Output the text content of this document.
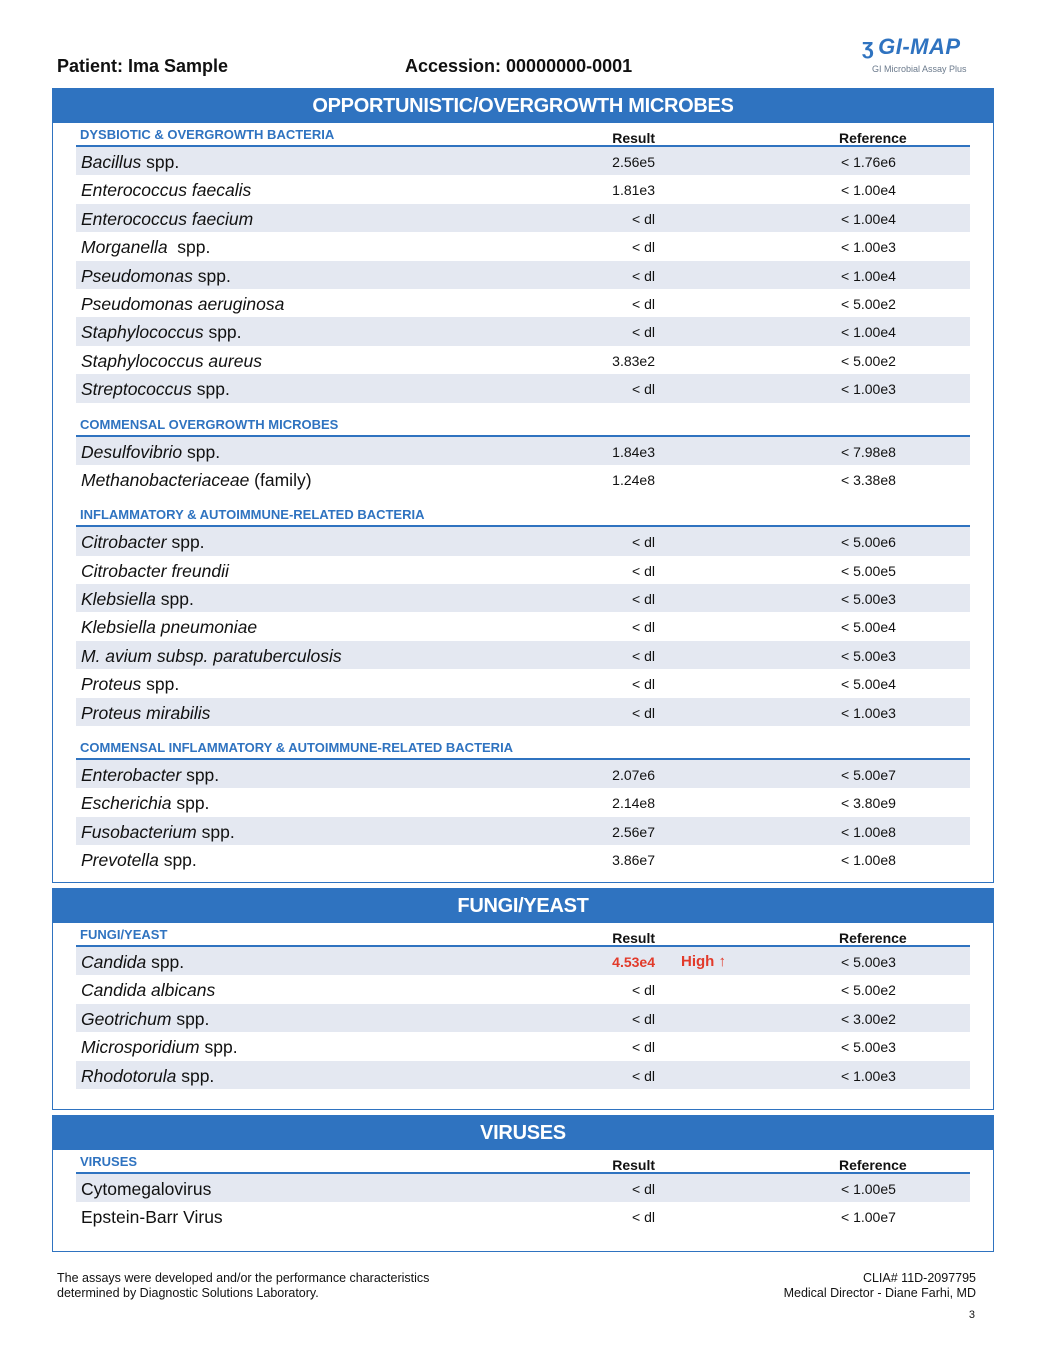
Patient: Ima Sample	Accession: 00000000-0001
ʒ GI-MAP
GI Microbial Assay Plus
OPPORTUNISTIC/OVERGROWTH MICROBES
DYSBIOTIC & OVERGROWTH BACTERIA	Result	Reference
Bacillus spp.	2.56e5	< 1.76e6
Enterococcus faecalis	1.81e3	< 1.00e4
Enterococcus faecium	< dl	< 1.00e4
Morganella  spp.	< dl	< 1.00e3
Pseudomonas spp.	< dl	< 1.00e4
Pseudomonas aeruginosa	< dl	< 5.00e2
Staphylococcus spp.	< dl	< 1.00e4
Staphylococcus aureus	3.83e2	< 5.00e2
Streptococcus spp.	< dl	< 1.00e3
COMMENSAL OVERGROWTH MICROBES
Desulfovibrio spp.	1.84e3	< 7.98e8
Methanobacteriaceae (family)	1.24e8	< 3.38e8
INFLAMMATORY & AUTOIMMUNE-RELATED BACTERIA
Citrobacter spp.	< dl	< 5.00e6
Citrobacter freundii	< dl	< 5.00e5
Klebsiella spp.	< dl	< 5.00e3
Klebsiella pneumoniae	< dl	< 5.00e4
M. avium subsp. paratuberculosis	< dl	< 5.00e3
Proteus spp.	< dl	< 5.00e4
Proteus mirabilis	< dl	< 1.00e3
COMMENSAL INFLAMMATORY & AUTOIMMUNE-RELATED BACTERIA
Enterobacter spp.	2.07e6	< 5.00e7
Escherichia spp.	2.14e8	< 3.80e9
Fusobacterium spp.	2.56e7	< 1.00e8
Prevotella spp.	3.86e7	< 1.00e8
FUNGI/YEAST
FUNGI/YEAST	Result	Reference
Candida spp.	4.53e4 High ↑	< 5.00e3
Candida albicans	< dl	< 5.00e2
Geotrichum spp.	< dl	< 3.00e2
Microsporidium spp.	< dl	< 5.00e3
Rhodotorula spp.	< dl	< 1.00e3
VIRUSES
VIRUSES	Result	Reference
Cytomegalovirus	< dl	< 1.00e5
Epstein-Barr Virus	< dl	< 1.00e7
The assays were developed and/or the performance characteristics
determined by Diagnostic Solutions Laboratory.
CLIA# 11D-2097795
Medical Director - Diane Farhi, MD
3
